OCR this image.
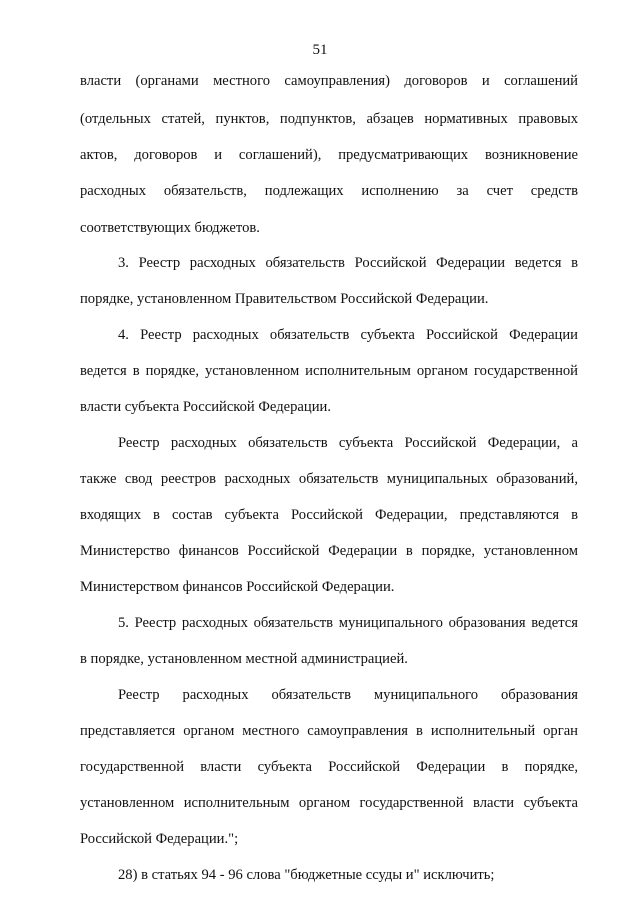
51
власти (органами местного самоуправления) договоров и соглашений
(отдельных статей, пунктов, подпунктов, абзацев нормативных правовых
актов, договоров и соглашений), предусматривающих возникновение
расходных обязательств, подлежащих исполнению за счет средств
соответствующих бюджетов.
3. Реестр расходных обязательств Российской Федерации ведется в
порядке, установленном Правительством Российской Федерации.
4. Реестр расходных обязательств субъекта Российской Федерации
ведется в порядке, установленном исполнительным органом государственной
власти субъекта Российской Федерации.
Реестр расходных обязательств субъекта Российской Федерации, а
также свод реестров расходных обязательств муниципальных образований,
входящих в состав субъекта Российской Федерации, представляются в
Министерство финансов Российской Федерации в порядке, установленном
Министерством финансов Российской Федерации.
5. Реестр расходных обязательств муниципального образования ведется
в порядке, установленном местной администрацией.
Реестр расходных обязательств муниципального образования
представляется органом местного самоуправления в исполнительный орган
государственной власти субъекта Российской Федерации в порядке,
установленном исполнительным органом государственной власти субъекта
Российской Федерации.";
28) в статьях 94 - 96 слова "бюджетные ссуды и" исключить;
